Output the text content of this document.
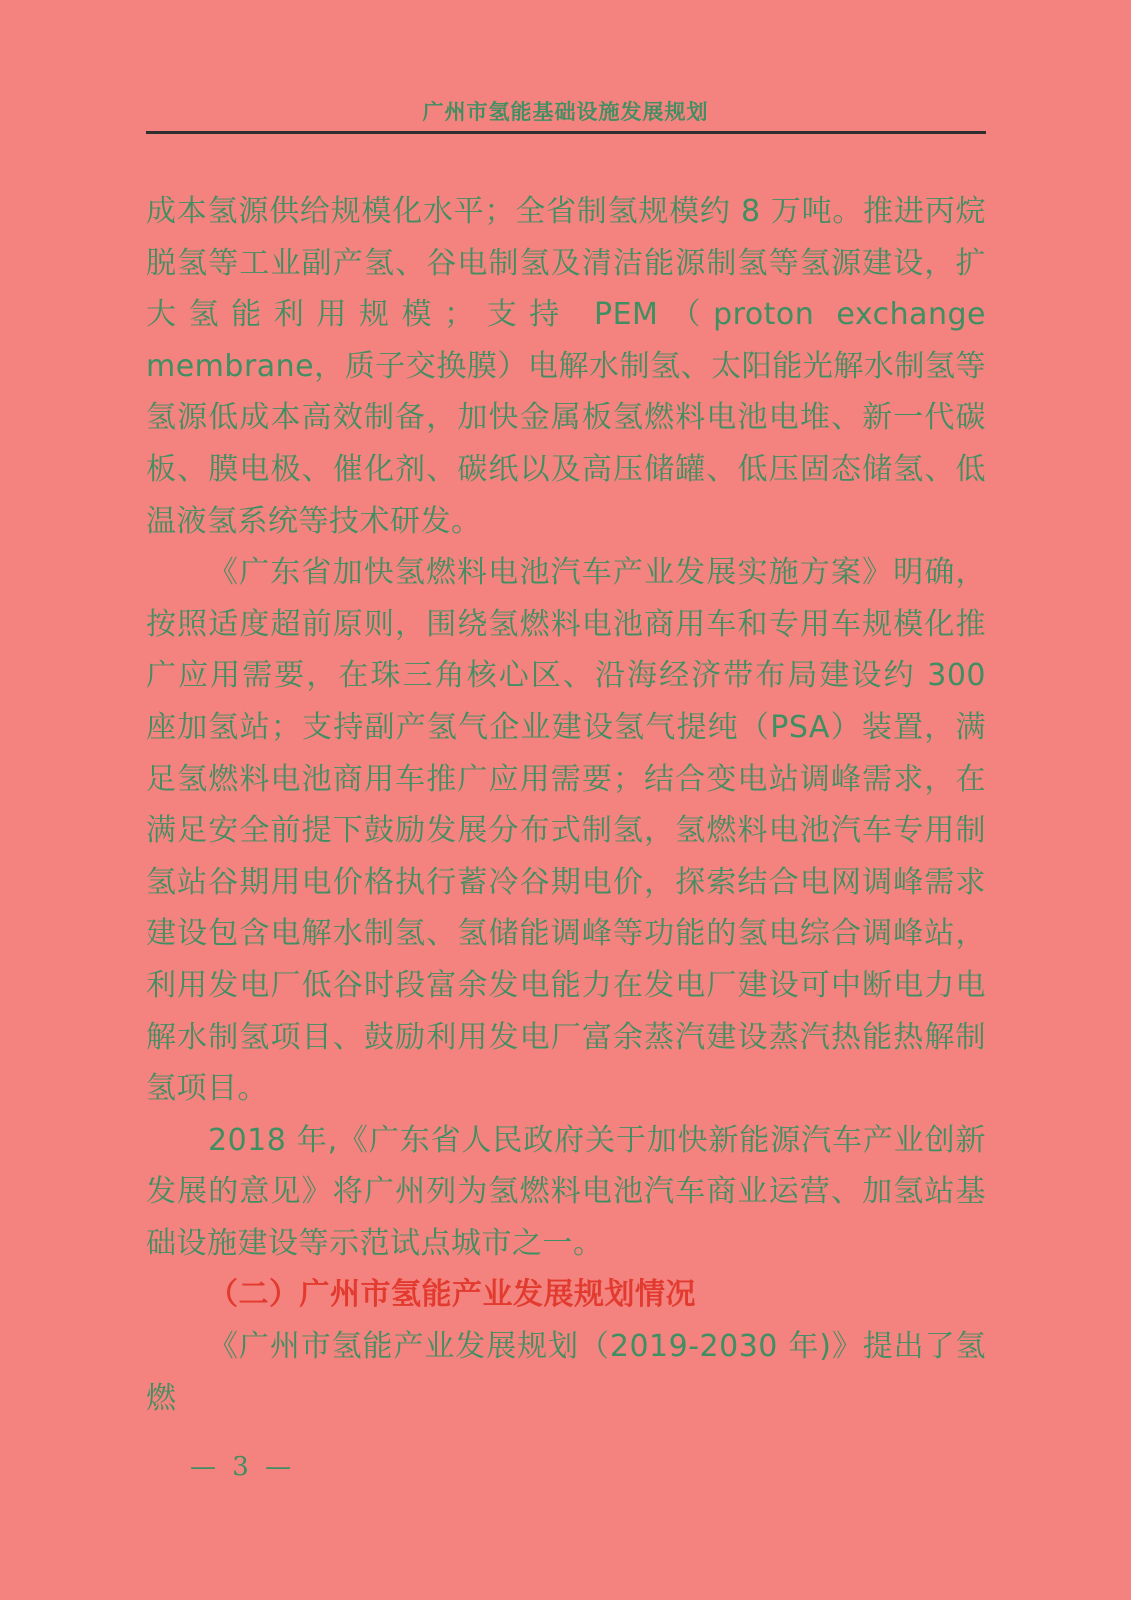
广州市氢能基础设施发展规划

成本氢源供给规模化水平；全省制氢规模约 8 万吨。推进丙烷脱氢等工业副产氢、谷电制氢及清洁能源制氢等氢源建设，扩大氢能利用规模；支持 PEM（proton exchange membrane，质子交换膜）电解水制氢、太阳能光解水制氢等氢源低成本高效制备，加快金属板氢燃料电池电堆、新一代碳板、膜电极、催化剂、碳纸以及高压储罐、低压固态储氢、低温液氢系统等技术研发。

《广东省加快氢燃料电池汽车产业发展实施方案》明确，按照适度超前原则，围绕氢燃料电池商用车和专用车规模化推广应用需要，在珠三角核心区、沿海经济带布局建设约 300 座加氢站；支持副产氢气企业建设氢气提纯（PSA）装置，满足氢燃料电池商用车推广应用需要；结合变电站调峰需求，在满足安全前提下鼓励发展分布式制氢，氢燃料电池汽车专用制氢站谷期用电价格执行蓄冷谷期电价，探索结合电网调峰需求建设包含电解水制氢、氢储能调峰等功能的氢电综合调峰站，利用发电厂低谷时段富余发电能力在发电厂建设可中断电力电解水制氢项目、鼓励利用发电厂富余蒸汽建设蒸汽热能热解制氢项目。

2018 年,《广东省人民政府关于加快新能源汽车产业创新发展的意见》将广州列为氢燃料电池汽车商业运营、加氢站基础设施建设等示范试点城市之一。

（二）广州市氢能产业发展规划情况

《广州市氢能产业发展规划（2019-2030 年)》提出了氢燃

— 3 —
